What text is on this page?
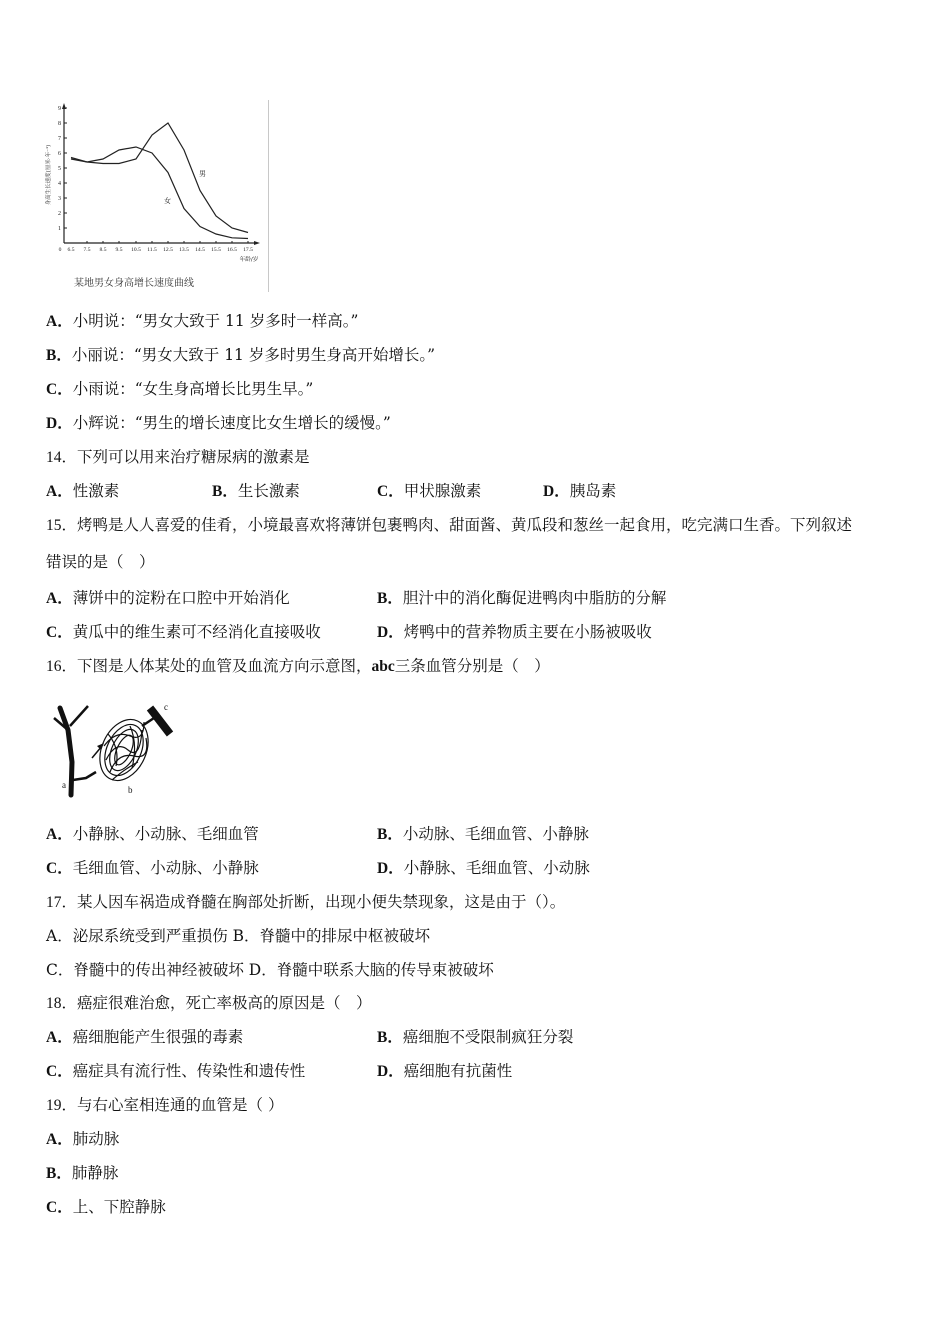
1
2
3
4
5
6
7
8
9
身高生长速度(厘米·年⁻¹)
0 6.5 7.5 8.5 9.5 10.5 11.5 12.5 13.5 14.5 15.5 16.5 17.5
年龄/岁
男
女
某地男女身高增长速度曲线
A．小明说：“男女大致于 11 岁多时一样高。”
B．小丽说：“男女大致于 11 岁多时男生身高开始增长。”
C．小雨说：“女生身高增长比男生早。”
D．小辉说：“男生的增长速度比女生增长的缓慢。”
14．下列可以用来治疗糖尿病的激素是
A．性激素	B．生长激素	C．甲状腺激素	D．胰岛素
15．烤鸭是人人喜爱的佳肴，小境最喜欢将薄饼包裹鸭肉、甜面酱、黄瓜段和葱丝一起食用，吃完满口生香。下列叙述
错误的是（　）
A．薄饼中的淀粉在口腔中开始消化	B．胆汁中的消化酶促进鸭肉中脂肪的分解
C．黄瓜中的维生素可不经消化直接吸收	D．烤鸭中的营养物质主要在小肠被吸收
16．下图是人体某处的血管及血流方向示意图，abc三条血管分别是（　）
a	b
c
A．小静脉、小动脉、毛细血管	B．小动脉、毛细血管、小静脉
C．毛细血管、小动脉、小静脉	D．小静脉、毛细血管、小动脉
17．某人因车祸造成脊髓在胸部处折断，出现小便失禁现象，这是由于（）。
A．泌尿系统受到严重损伤 B．脊髓中的排尿中枢被破坏
C．脊髓中的传出神经被破坏 D．脊髓中联系大脑的传导束被破坏
18．癌症很难治愈，死亡率极高的原因是（　）
A．癌细胞能产生很强的毒素	B．癌细胞不受限制疯狂分裂
C．癌症具有流行性、传染性和遗传性	D．癌细胞有抗菌性
19．与右心室相连通的血管是（ ）
A．肺动脉
B．肺静脉
C．上、下腔静脉
